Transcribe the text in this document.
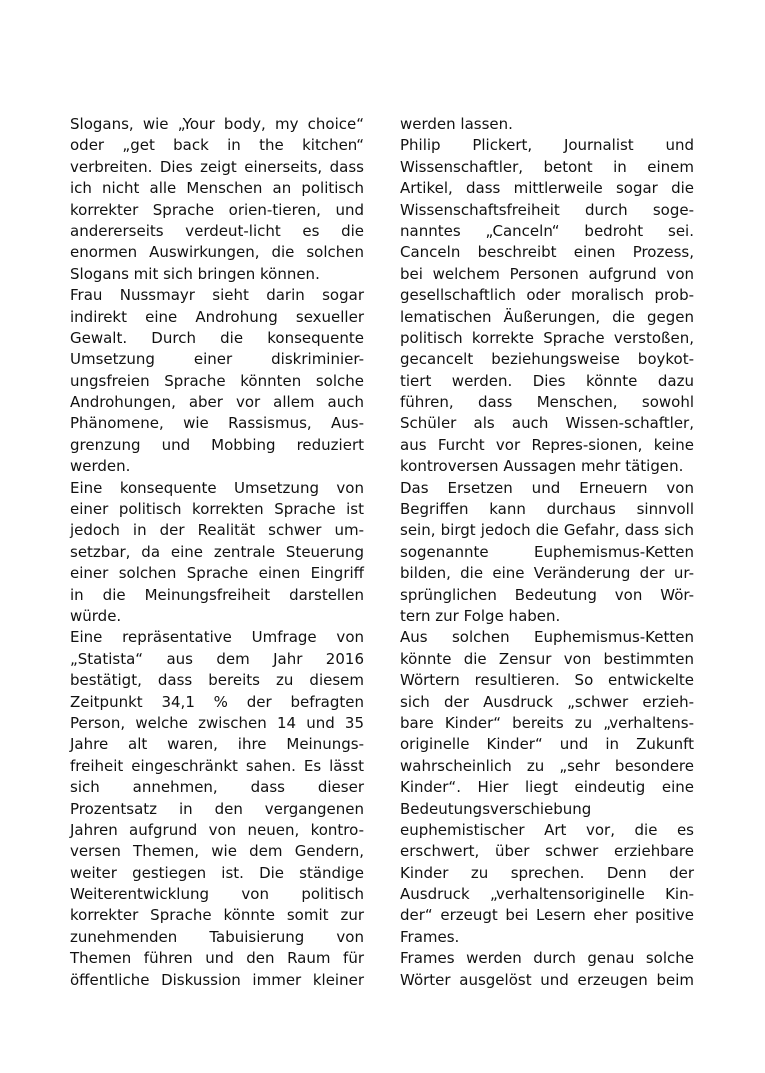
Slogans, wie „Your body, my choice“
oder „get back in the kitchen“
verbreiten. Dies zeigt einerseits, dass
ich nicht alle Menschen an politisch
korrekter Sprache orien-tieren, und
andererseits verdeut-licht es die
enormen Auswirkungen, die solchen
Slogans mit sich bringen können.
Frau Nussmayr sieht darin sogar
indirekt eine Androhung sexueller
Gewalt. Durch die konsequente
Umsetzung einer diskriminier-
ungsfreien Sprache könnten solche
Androhungen, aber vor allem auch
Phänomene, wie Rassismus, Aus-
grenzung und Mobbing reduziert
werden.
Eine konsequente Umsetzung von
einer politisch korrekten Sprache ist
jedoch in der Realität schwer um-
setzbar, da eine zentrale Steuerung
einer solchen Sprache einen Eingriff
in die Meinungsfreiheit darstellen
würde.
Eine repräsentative Umfrage von
„Statista“ aus dem Jahr 2016
bestätigt, dass bereits zu diesem
Zeitpunkt 34,1 % der befragten
Person, welche zwischen 14 und 35
Jahre alt waren, ihre Meinungs-
freiheit eingeschränkt sahen. Es lässt
sich annehmen, dass dieser
Prozentsatz in den vergangenen
Jahren aufgrund von neuen, kontro-
versen Themen, wie dem Gendern,
weiter gestiegen ist. Die ständige
Weiterentwicklung von politisch
korrekter Sprache könnte somit zur
zunehmenden Tabuisierung von
Themen führen und den Raum für
öffentliche Diskussion immer kleiner
werden lassen.
Philip Plickert, Journalist und
Wissenschaftler, betont in einem
Artikel, dass mittlerweile sogar die
Wissenschaftsfreiheit durch soge-
nanntes „Canceln“ bedroht sei.
Canceln beschreibt einen Prozess,
bei welchem Personen aufgrund von
gesellschaftlich oder moralisch prob-
lematischen Äußerungen, die gegen
politisch korrekte Sprache verstoßen,
gecancelt beziehungsweise boykot-
tiert werden. Dies könnte dazu
führen, dass Menschen, sowohl
Schüler als auch Wissen-schaftler,
aus Furcht vor Repres-sionen, keine
kontroversen Aussagen mehr tätigen.
Das Ersetzen und Erneuern von
Begriffen kann durchaus sinnvoll
sein, birgt jedoch die Gefahr, dass sich
sogenannte Euphemismus-Ketten
bilden, die eine Veränderung der ur-
sprünglichen Bedeutung von Wör-
tern zur Folge haben.
Aus solchen Euphemismus-Ketten
könnte die Zensur von bestimmten
Wörtern resultieren. So entwickelte
sich der Ausdruck „schwer erzieh-
bare Kinder“ bereits zu „verhaltens-
originelle Kinder“ und in Zukunft
wahrscheinlich zu „sehr besondere
Kinder“. Hier liegt eindeutig eine
Bedeutungsverschiebung
euphemistischer Art vor, die es
erschwert, über schwer erziehbare
Kinder zu sprechen. Denn der
Ausdruck „verhaltensoriginelle Kin-
der“ erzeugt bei Lesern eher positive
Frames.
Frames werden durch genau solche
Wörter ausgelöst und erzeugen beim
